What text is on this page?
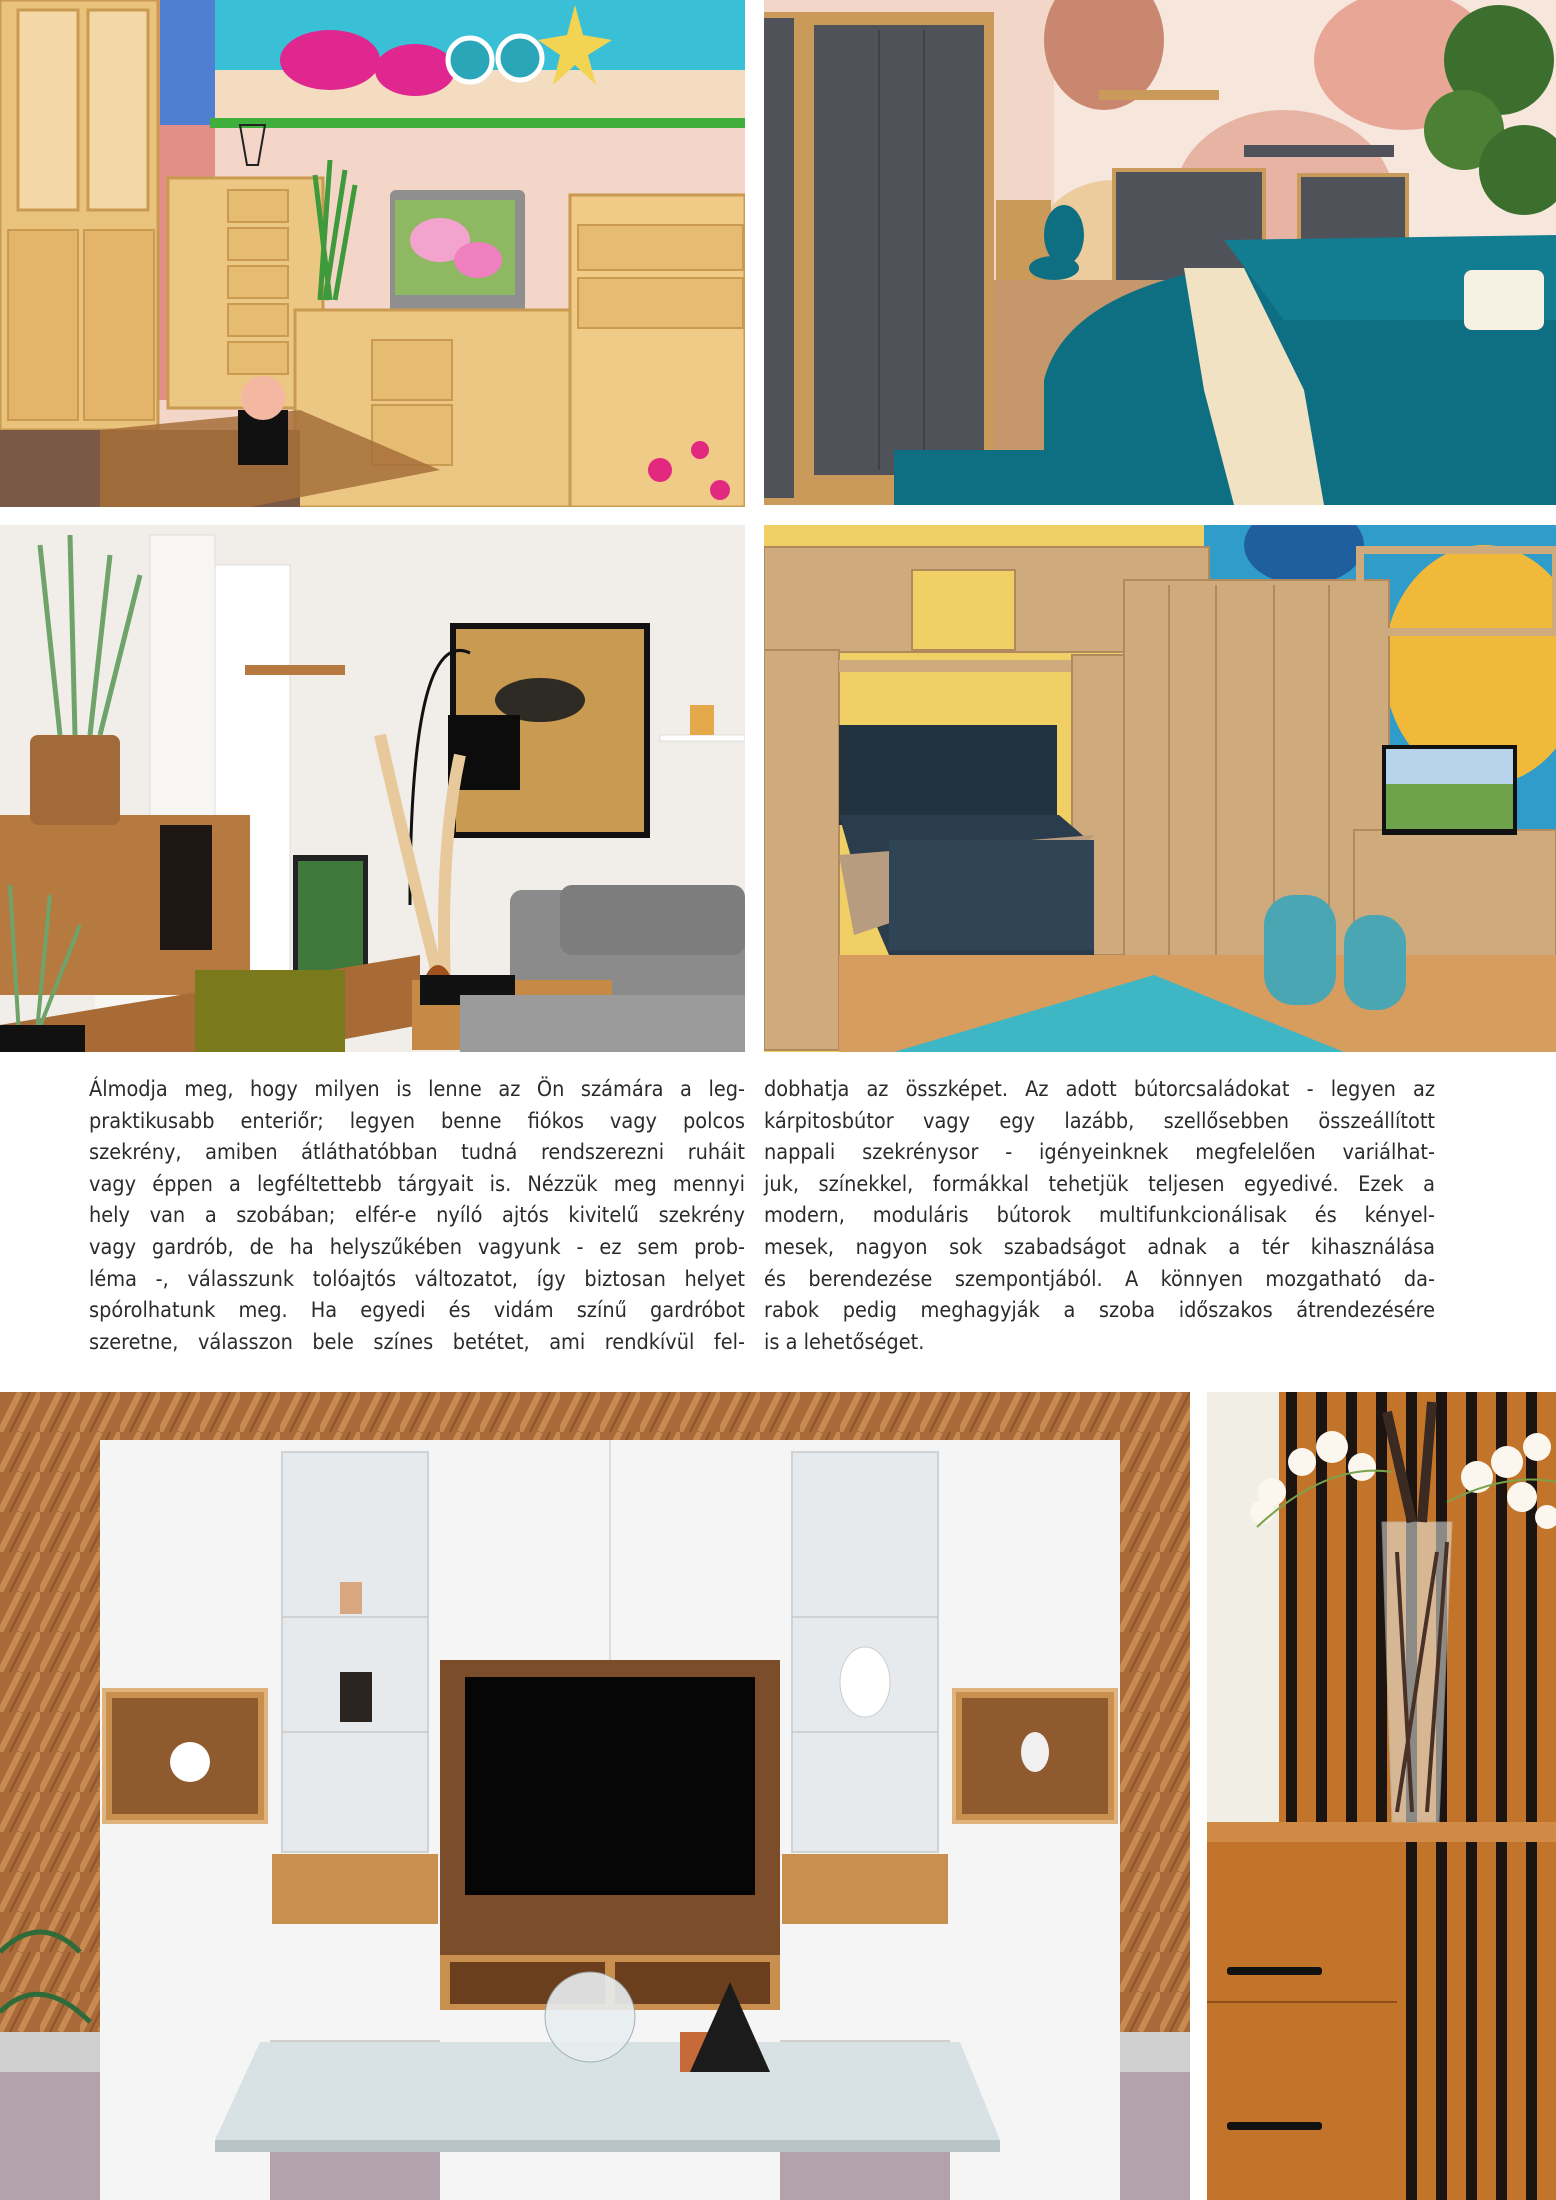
Álmodja meg, hogy milyen is lenne az Ön számára a leg-
praktikusabb enteriőr; legyen benne fiókos vagy polcos
szekrény, amiben átláthatóbban tudná rendszerezni ruháit
vagy éppen a legféltettebb tárgyait is. Nézzük meg mennyi
hely van a szobában; elfér-e nyíló ajtós kivitelű szekrény
vagy gardrób, de ha helyszűkében vagyunk - ez sem prob-
léma -, válasszunk tolóajtós változatot, így biztosan helyet
spórolhatunk meg. Ha egyedi és vidám színű gardróbot
szeretne, válasszon bele színes betétet, ami rendkívül fel-
dobhatja az összképet. Az adott bútorcsaládokat - legyen az
kárpitosbútor vagy egy lazább, szellősebben összeállított
nappali szekrénysor - igényeinknek megfelelően variálhat-
juk, színekkel, formákkal tehetjük teljesen egyedivé. Ezek a
modern, moduláris bútorok multifunkcionálisak és kényel-
mesek, nagyon sok szabadságot adnak a tér kihasználása
és berendezése szempontjából. A könnyen mozgatható da-
rabok pedig meghagyják a szoba időszakos átrendezésére
is a lehetőséget.
